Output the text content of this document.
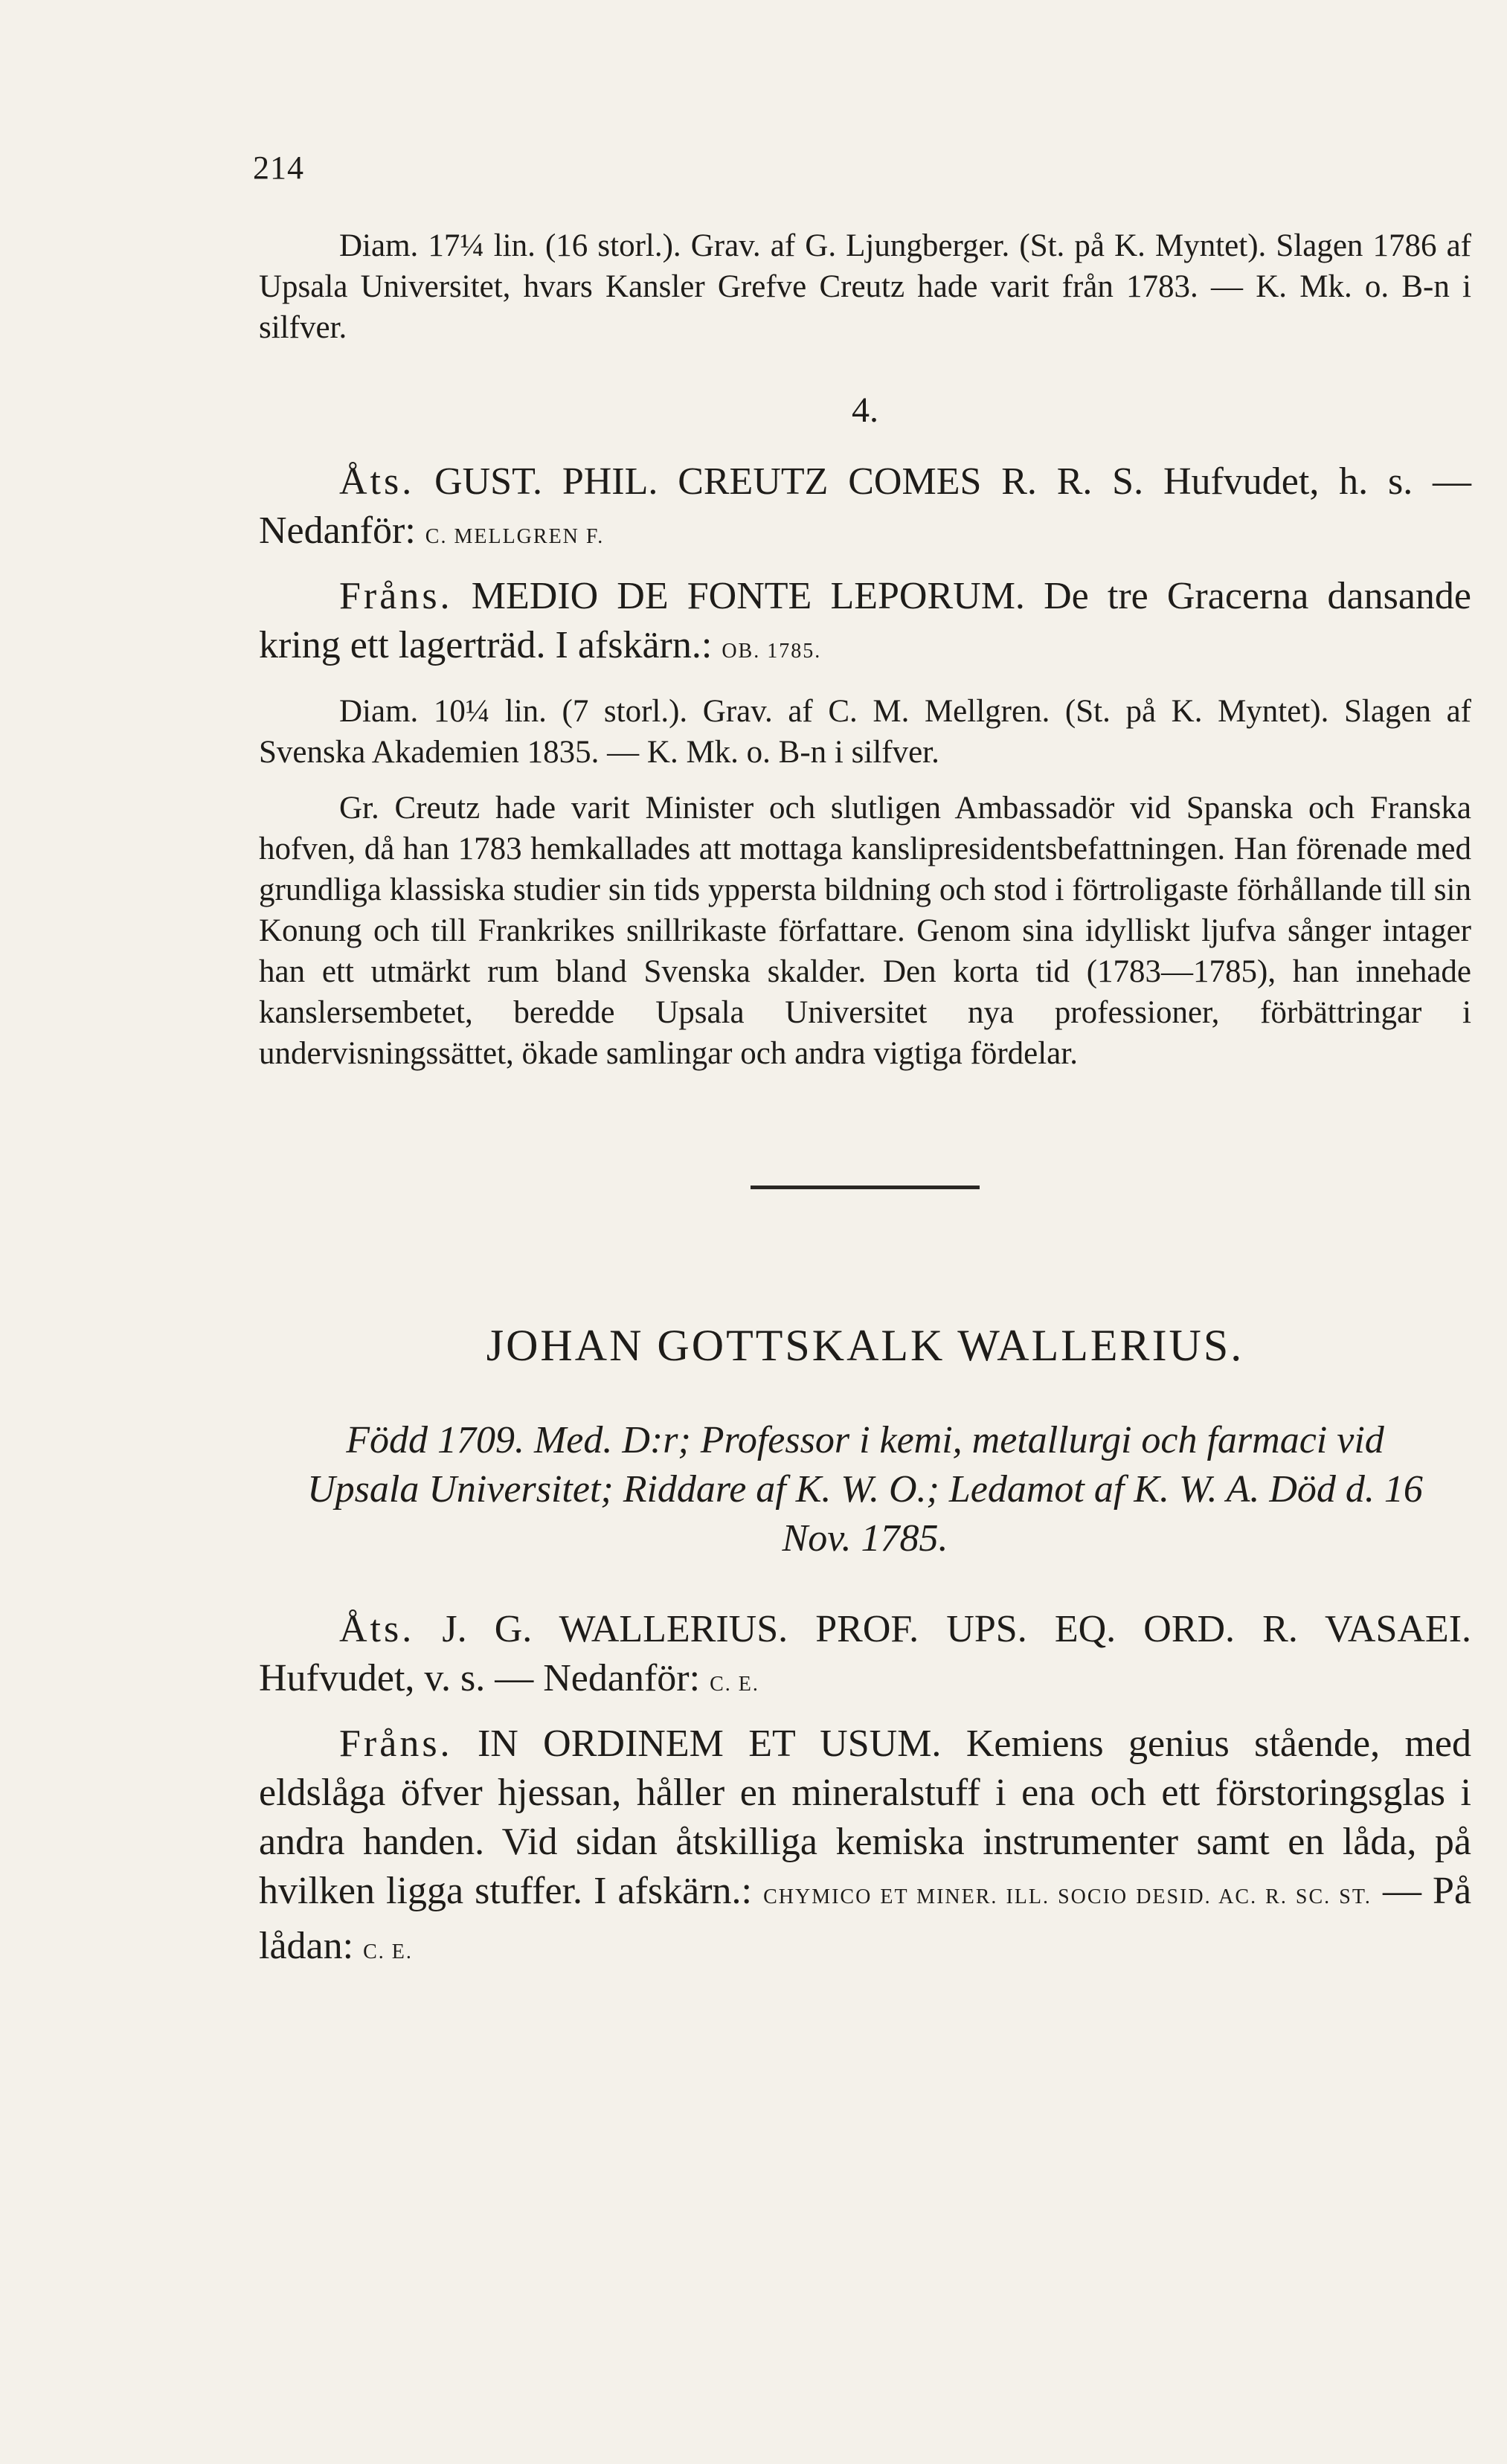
214

Diam. 17¼ lin. (16 storl.). Grav. af G. Ljungberger. (St. på K. Myntet). Slagen 1786 af Upsala Universitet, hvars Kansler Grefve Creutz hade varit från 1783. — K. Mk. o. B-n i silfver.

4.

Åts. GUST. PHIL. CREUTZ COMES R. R. S. Hufvudet, h. s. — Nedanför: C. MELLGREN F.

Fråns. MEDIO DE FONTE LEPORUM. De tre Gracerna dansande kring ett lagerträd. I afskärn.: OB. 1785.

Diam. 10¼ lin. (7 storl.). Grav. af C. M. Mellgren. (St. på K. Myntet). Slagen af Svenska Akademien 1835. — K. Mk. o. B-n i silfver.

Gr. Creutz hade varit Minister och slutligen Ambassadör vid Spanska och Franska hofven, då han 1783 hemkallades att mottaga kanslipresidentsbefattningen. Han förenade med grundliga klassiska studier sin tids yppersta bildning och stod i förtroligaste förhållande till sin Konung och till Frankrikes snillrikaste författare. Genom sina idylliskt ljufva sånger intager han ett utmärkt rum bland Svenska skalder. Den korta tid (1783—1785), han innehade kanslersembetet, beredde Upsala Universitet nya professioner, förbättringar i undervisningssättet, ökade samlingar och andra vigtiga fördelar.

JOHAN GOTTSKALK WALLERIUS.
Född 1709. Med. D:r; Professor i kemi, metallurgi och farmaci vid Upsala Universitet; Riddare af K. W. O.; Ledamot af K. W. A. Död d. 16 Nov. 1785.

Åts. J. G. WALLERIUS. PROF. UPS. EQ. ORD. R. VASAEI. Hufvudet, v. s. — Nedanför: C. E.

Fråns. IN ORDINEM ET USUM. Kemiens genius stående, med eldslåga öfver hjessan, håller en mineralstuff i ena och ett förstoringsglas i andra handen. Vid sidan åtskilliga kemiska instrumenter samt en låda, på hvilken ligga stuffer. I afskärn.: CHYMICO ET MINER. ILL. SOCIO DESID. AC. R. SC. ST. — På lådan: C. E.
